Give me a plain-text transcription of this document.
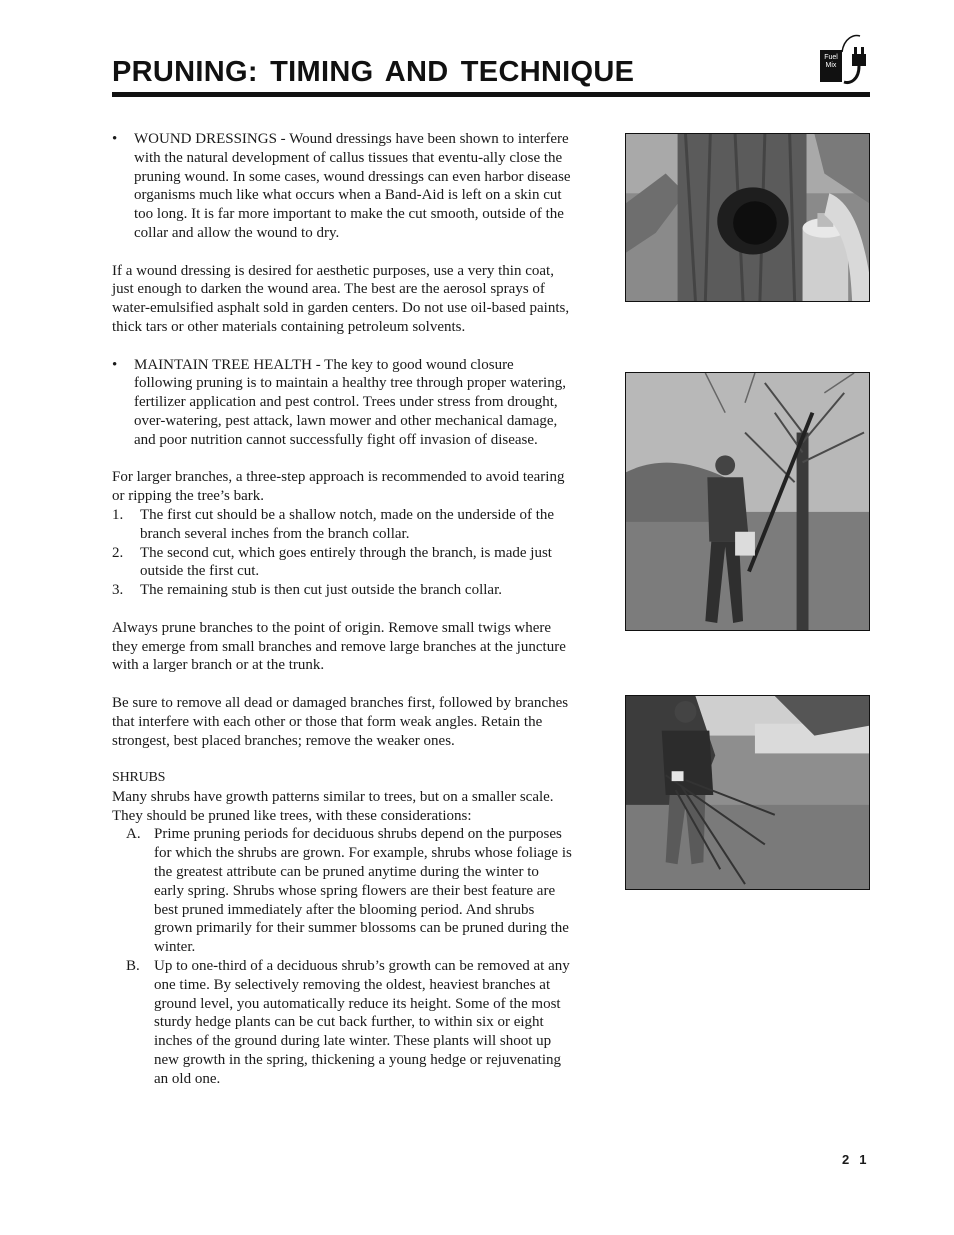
PRUNING: TIMING AND TECHNIQUE	Fuel
Mix
• WOUND DRESSINGS - Wound dressings have been shown to interfere with the natural development of callus tissues that eventu-ally close the pruning wound. In some cases, wound dressings can even harbor disease organisms much like what occurs when a Band-Aid is left on a skin cut too long. It is far more important to make the cut smooth, outside of the collar and allow the wound to dry.

If a wound dressing is desired for aesthetic purposes, use a very thin coat, just enough to darken the wound area. The best are the aerosol sprays of water-emulsified asphalt sold in garden centers. Do not use oil-based paints, thick tars or other materials containing petroleum solvents.

• MAINTAIN TREE HEALTH - The key to good wound closure following pruning is to maintain a healthy tree through proper watering, fertilizer application and pest control. Trees under stress from drought, over-watering, pest attack, lawn mower and other mechanical damage, and poor nutrition cannot successfully fight off invasion of disease.
For larger branches, a three-step approach is recommended to avoid tearing or ripping the tree’s bark.
1. The first cut should be a shallow notch, made on the underside of the branch several inches from the branch collar.
2. The second cut, which goes entirely through the branch, is made just outside the first cut.
3. The remaining stub is then cut just outside the branch collar.

Always prune branches to the point of origin. Remove small twigs where they emerge from small branches and remove large branches at the juncture with a larger branch or at the trunk.

Be sure to remove all dead or damaged branches first, followed by branches that interfere with each other or those that form weak angles. Retain the strongest, best placed branches; remove the weaker ones.

SHRUBS
Many shrubs have growth patterns similar to trees, but on a smaller scale. They should be pruned like trees, with these considerations:
A. Prime pruning periods for deciduous shrubs depend on the purposes for which the shrubs are grown. For example, shrubs whose foliage is the greatest attribute can be pruned anytime during the winter to early spring. Shrubs whose spring flowers are their best feature are best pruned immediately after the blooming period. And shrubs grown primarily for their summer blossoms can be pruned during the winter.
B. Up to one-third of a deciduous shrub’s growth can be removed at any one time. By selectively removing the oldest, heaviest branches at ground level, you automatically reduce its height. Some of the most sturdy hedge plants can be cut back further, to within six or eight inches of the ground during late winter. These plants will shoot up new growth in the spring, thickening a young hedge or rejuvenating an old one.
21
